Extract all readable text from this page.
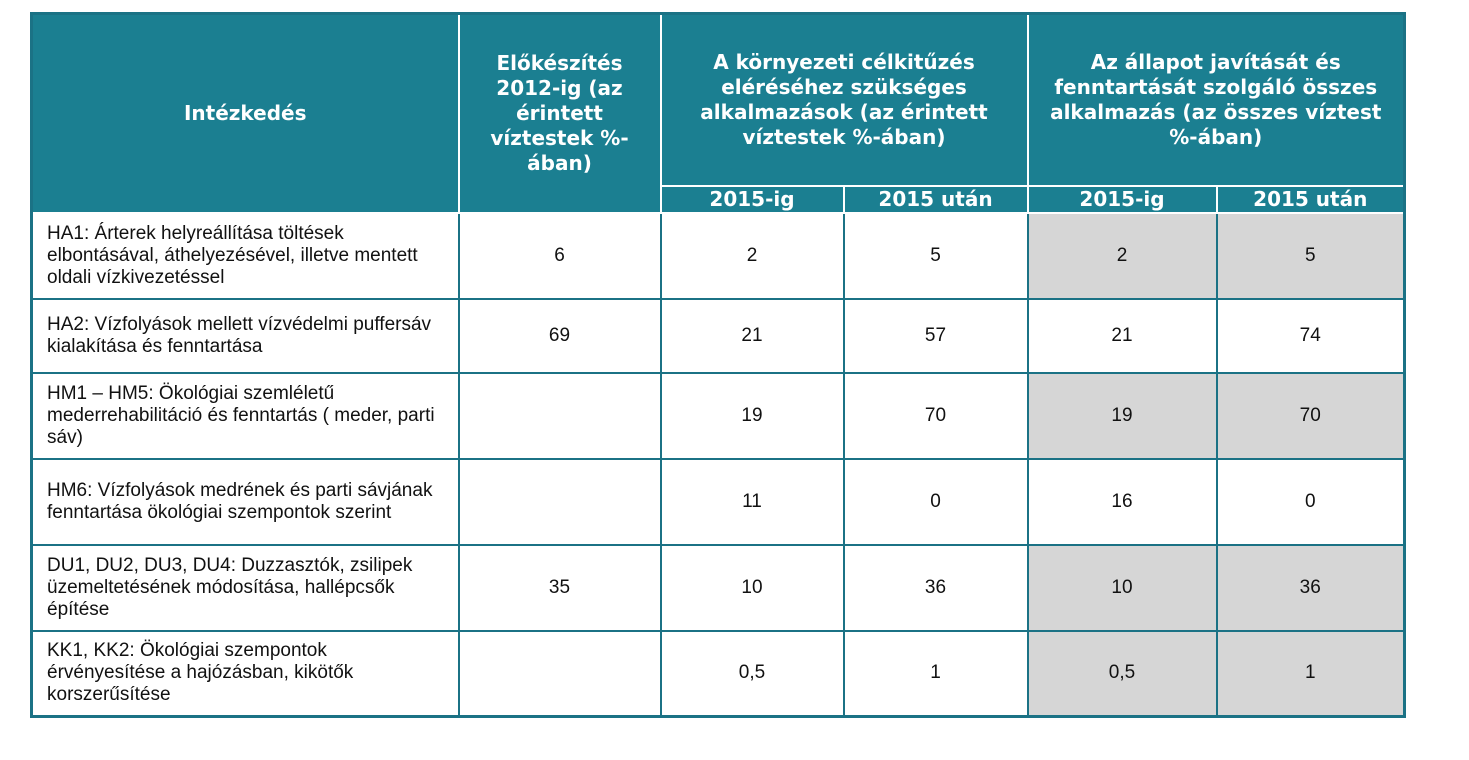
Intézkedés	Előkészítés 2012-ig (az érintett víztestek %-ában)	A környezeti célkitűzés eléréséhez szükséges alkalmazások (az érintett víztestek %-ában)		Az állapot javítását és fenntartását szolgáló összes alkalmazás (az összes víztest %-ában)	
		2015-ig	2015 után	2015-ig	2015 után
HA1: Árterek helyreállítása töltések elbontásával, áthelyezésével, illetve mentett oldali vízkivezetéssel	6	2	5	2	5
HA2: Vízfolyások mellett vízvédelmi puffersáv kialakítása és fenntartása	69	21	57	21	74
HM1 – HM5: Ökológiai szemléletű mederrehabilitáció és fenntartás ( meder, parti sáv)		19	70	19	70
HM6: Vízfolyások medrének és parti sávjának fenntartása ökológiai szempontok szerint		11	0	16	0
DU1, DU2, DU3, DU4: Duzzasztók, zsilipek üzemeltetésének módosítása, hallépcsők építése	35	10	36	10	36
KK1, KK2: Ökológiai szempontok érvényesítése a hajózásban, kikötők korszerűsítése		0,5	1	0,5	1
